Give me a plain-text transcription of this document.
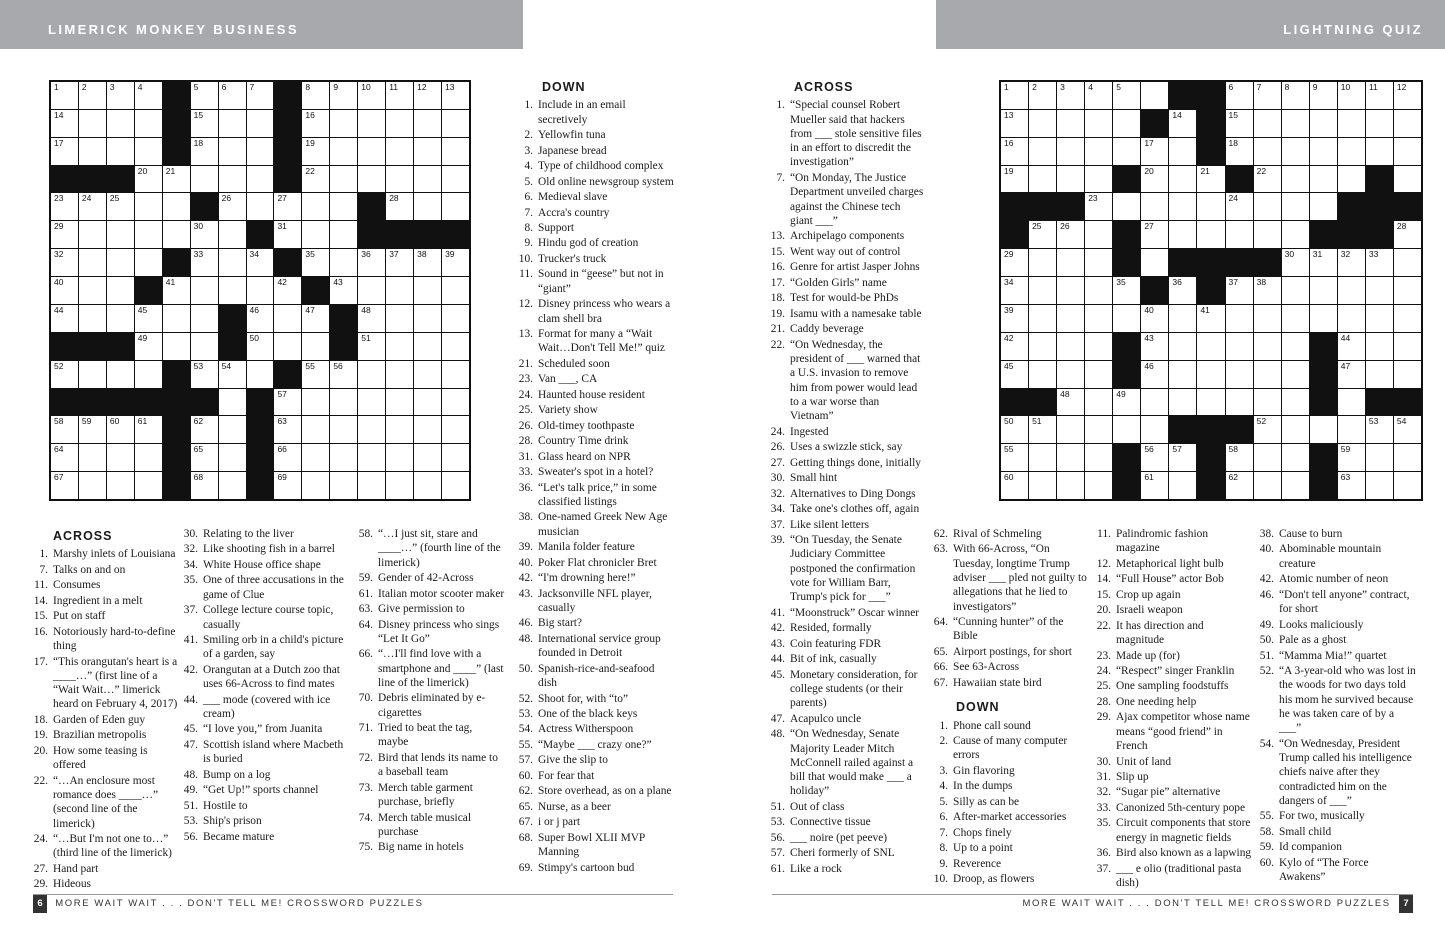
LIMERICK MONKEY BUSINESS	LIGHTNING QUIZ
1	2	3	4	5	6	7	8	9	10 11 12 13
14	15	16
17	18	19
20 21	22
23 24 25	26	27	28
29	30	31
32	33	34	35	36 37 38 39
40	41	42	43
44	45	46	47	48
49	50	51
52	53 54	55 56
57
58 59 60 61	62	63
64	65	66
67	68	69
1	2	3	4	5	6	7	8	9	10 11 12
13	14	15
16	17	18
19	20	21	22
23	24
25 26	27	28
29	30 31 32 33
34	35	36	37 38
39	40	41
42	43	44
45	46	47
48	49
50 51	52	53 54
55	56 57	58	59
60	61	62	63
ACROSS
1. Marshy inlets of Louisiana
7. Talks on and on
11. Consumes
14. Ingredient in a melt
15. Put on staff
16. Notoriously hard-to-define thing
17. “This orangutan's heart is a ____…” (first line of a “Wait Wait…” limerick heard on February 4, 2017)
18. Garden of Eden guy
19. Brazilian metropolis
20. How some teasing is offered
22. “…An enclosure most romance does ____…” (second line of the limerick)
24. “…But I'm not one to…” (third line of the limerick)
27. Hand part
29. Hideous
30. Relating to the liver
32. Like shooting fish in a barrel
34. White House office shape
35. One of three accusations in the game of Clue
37. College lecture course topic, casually
41. Smiling orb in a child's picture of a garden, say
42. Orangutan at a Dutch zoo that uses 66-Across to find mates
44. ___ mode (covered with ice cream)
45. “I love you,” from Juanita
47. Scottish island where Macbeth is buried
48. Bump on a log
49. “Get Up!” sports channel
51. Hostile to
53. Ship's prison
56. Became mature
58. “…I just sit, stare and ____…” (fourth line of the limerick)
59. Gender of 42-Across
61. Italian motor scooter maker
63. Give permission to
64. Disney princess who sings “Let It Go”
66. “…I'll find love with a smartphone and ____” (last line of the limerick)
70. Debris eliminated by e-cigarettes
71. Tried to beat the tag, maybe
72. Bird that lends its name to a baseball team
73. Merch table garment purchase, briefly
74. Merch table musical purchase
75. Big name in hotels
DOWN
1. Include in an email secretively
2. Yellowfin tuna
3. Japanese bread
4. Type of childhood complex
5. Old online newsgroup system
6. Medieval slave
7. Accra's country
8. Support
9. Hindu god of creation
10. Trucker's truck
11. Sound in “geese” but not in “giant”
12. Disney princess who wears a clam shell bra
13. Format for many a “Wait Wait…Don't Tell Me!” quiz
21. Scheduled soon
23. Van ___, CA
24. Haunted house resident
25. Variety show
26. Old-timey toothpaste
28. Country Time drink
31. Glass heard on NPR
33. Sweater's spot in a hotel?
36. “Let's talk price,” in some classified listings
38. One-named Greek New Age musician
39. Manila folder feature
40. Poker Flat chronicler Bret
42. “I'm drowning here!”
43. Jacksonville NFL player, casually
46. Big start?
48. International service group founded in Detroit
50. Spanish-rice-and-seafood dish
52. Shoot for, with “to”
53. One of the black keys
54. Actress Witherspoon
55. “Maybe ___ crazy one?”
57. Give the slip to
60. For fear that
62. Store overhead, as on a plane
65. Nurse, as a beer
67. i or j part
68. Super Bowl XLII MVP Manning
69. Stimpy's cartoon bud
ACROSS
1. “Special counsel Robert Mueller said that hackers from ___ stole sensitive files in an effort to discredit the investigation”
7. “On Monday, The Justice Department unveiled charges against the Chinese tech giant ___”
13. Archipelago components
15. Went way out of control
16. Genre for artist Jasper Johns
17. “Golden Girls” name
18. Test for would-be PhDs
19. Isamu with a namesake table
21. Caddy beverage
22. “On Wednesday, the president of ___ warned that a U.S. invasion to remove him from power would lead to a war worse than Vietnam”
24. Ingested
26. Uses a swizzle stick, say
27. Getting things done, initially
30. Small hint
32. Alternatives to Ding Dongs
34. Take one's clothes off, again
37. Like silent letters
39. “On Tuesday, the Senate Judiciary Committee postponed the confirmation vote for William Barr, Trump's pick for ___”
41. “Moonstruck” Oscar winner
42. Resided, formally
43. Coin featuring FDR
44. Bit of ink, casually
45. Monetary consideration, for college students (or their parents)
47. Acapulco uncle
48. “On Wednesday, Senate Majority Leader Mitch McConnell railed against a bill that would make ___ a holiday”
51. Out of class
53. Connective tissue
56. ___ noire (pet peeve)
57. Cheri formerly of SNL
61. Like a rock
62. Rival of Schmeling
63. With 66-Across, “On Tuesday, longtime Trump adviser ___ pled not guilty to allegations that he lied to investigators”
64. “Cunning hunter” of the Bible
65. Airport postings, for short
66. See 63-Across
67. Hawaiian state bird
DOWN
1. Phone call sound
2. Cause of many computer errors
3. Gin flavoring
4. In the dumps
5. Silly as can be
6. After-market accessories
7. Chops finely
8. Up to a point
9. Reverence
10. Droop, as flowers
11. Palindromic fashion magazine
12. Metaphorical light bulb
14. “Full House” actor Bob
15. Crop up again
20. Israeli weapon
22. It has direction and magnitude
23. Made up (for)
24. “Respect” singer Franklin
25. One sampling foodstuffs
28. One needing help
29. Ajax competitor whose name means “good friend” in French
30. Unit of land
31. Slip up
32. “Sugar pie” alternative
33. Canonized 5th-century pope
35. Circuit components that store energy in magnetic fields
36. Bird also known as a lapwing
37. ___ e olio (traditional pasta dish)
38. Cause to burn
40. Abominable mountain creature
42. Atomic number of neon
46. “Don't tell anyone” contract, for short
49. Looks maliciously
50. Pale as a ghost
51. “Mamma Mia!” quartet
52. “A 3-year-old who was lost in the woods for two days told his mom he survived because he was taken care of by a ___”
54. “On Wednesday, President Trump called his intelligence chiefs naive after they contradicted him on the dangers of ___”
55. For two, musically
58. Small child
59. Id companion
60. Kylo of “The Force Awakens”
6 MORE WAIT WAIT . . . DON'T TELL ME! CROSSWORD PUZZLES	MORE WAIT WAIT . . . DON'T TELL ME! CROSSWORD PUZZLES 7
